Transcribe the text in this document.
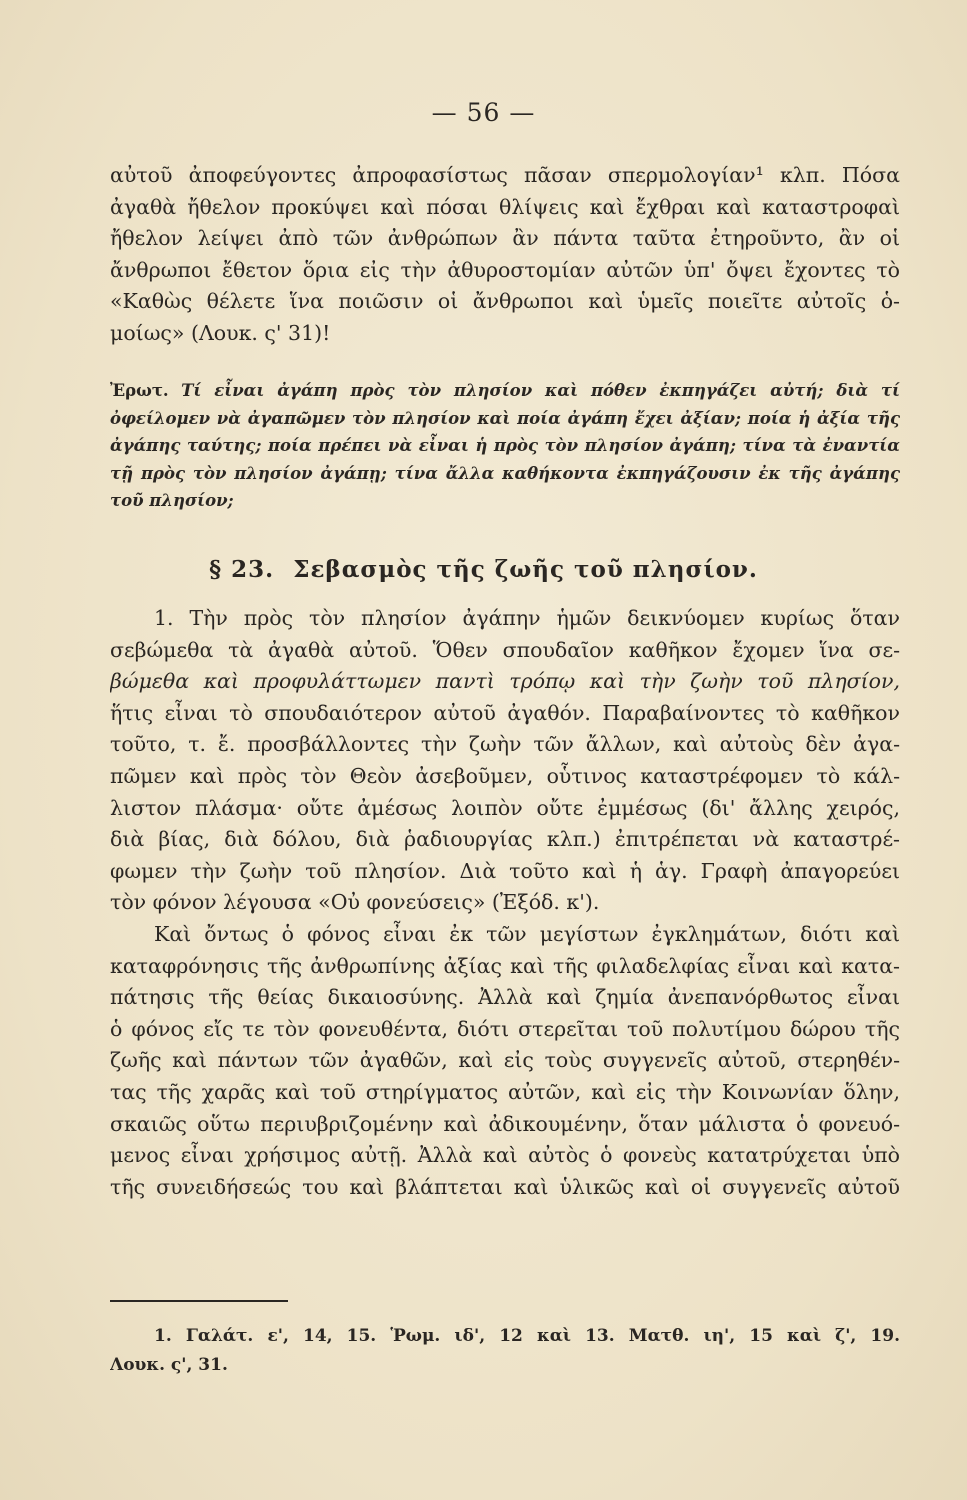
— 56 —
αὐτοῦ ἀποφεύγοντες ἀπροφασίστως πᾶσαν σπερμολογίαν¹ κλπ. Πόσα
ἀγαθὰ ἤθελον προκύψει καὶ πόσαι θλίψεις καὶ ἔχθραι καὶ καταστροφαὶ
ἤθελον λείψει ἀπὸ τῶν ἀνθρώπων ἂν πάντα ταῦτα ἐτηροῦντο, ἂν οἱ
ἄνθρωποι ἔθετον ὅρια εἰς τὴν ἀθυροστομίαν αὐτῶν ὑπ' ὄψει ἔχοντες τὸ
«Καθὼς θέλετε ἵνα ποιῶσιν οἱ ἄνθρωποι καὶ ὑμεῖς ποιεῖτε αὐτοῖς ὁ-
μοίως» (Λουκ. ς' 31)!
Ἐρωτ. Τί εἶναι ἀγάπη πρὸς τὸν πλησίον καὶ πόθεν ἐκπηγάζει αὐτή; διὰ τί
ὀφείλομεν νὰ ἀγαπῶμεν τὸν πλησίον καὶ ποία ἀγάπη ἔχει ἀξίαν; ποία ἡ ἀξία τῆς
ἀγάπης ταύτης; ποία πρέπει νὰ εἶναι ἡ πρὸς τὸν πλησίον ἀγάπη; τίνα τὰ ἐναντία
τῇ πρὸς τὸν πλησίον ἀγάπῃ; τίνα ἄλλα καθήκοντα ἐκπηγάζουσιν ἐκ τῆς ἀγάπης
τοῦ πλησίον;
§ 23. Σεβασμὸς τῆς ζωῆς τοῦ πλησίον.
1. Τὴν πρὸς τὸν πλησίον ἀγάπην ἡμῶν δεικνύομεν κυρίως ὅταν
σεβώμεθα τὰ ἀγαθὰ αὐτοῦ. Ὅθεν σπουδαῖον καθῆκον ἔχομεν ἵνα σε-
βώμεθα καὶ προφυλάττωμεν παντὶ τρόπῳ καὶ τὴν ζωὴν τοῦ πλησίον,
ἥτις εἶναι τὸ σπουδαιότερον αὐτοῦ ἀγαθόν. Παραβαίνοντες τὸ καθῆκον
τοῦτο, τ. ἔ. προσβάλλοντες τὴν ζωὴν τῶν ἄλλων, καὶ αὐτοὺς δὲν ἀγα-
πῶμεν καὶ πρὸς τὸν Θεὸν ἀσεβοῦμεν, οὗτινος καταστρέφομεν τὸ κάλ-
λιστον πλάσμα· οὔτε ἀμέσως λοιπὸν οὔτε ἐμμέσως (δι' ἄλλης χειρός,
διὰ βίας, διὰ δόλου, διὰ ῥαδιουργίας κλπ.) ἐπιτρέπεται νὰ καταστρέ-
φωμεν τὴν ζωὴν τοῦ πλησίον. Διὰ τοῦτο καὶ ἡ ἁγ. Γραφὴ ἀπαγορεύει
τὸν φόνον λέγουσα «Οὐ φονεύσεις» (Ἐξόδ. κ').
Καὶ ὄντως ὁ φόνος εἶναι ἐκ τῶν μεγίστων ἐγκλημάτων, διότι καὶ
καταφρόνησις τῆς ἀνθρωπίνης ἀξίας καὶ τῆς φιλαδελφίας εἶναι καὶ κατα-
πάτησις τῆς θείας δικαιοσύνης. Ἀλλὰ καὶ ζημία ἀνεπανόρθωτος εἶναι
ὁ φόνος εἴς τε τὸν φονευθέντα, διότι στερεῖται τοῦ πολυτίμου δώρου τῆς
ζωῆς καὶ πάντων τῶν ἀγαθῶν, καὶ εἰς τοὺς συγγενεῖς αὐτοῦ, στερηθέν-
τας τῆς χαρᾶς καὶ τοῦ στηρίγματος αὐτῶν, καὶ εἰς τὴν Κοινωνίαν ὅλην,
σκαιῶς οὕτω περιυβριζομένην καὶ ἀδικουμένην, ὅταν μάλιστα ὁ φονευό-
μενος εἶναι χρήσιμος αὐτῇ. Ἀλλὰ καὶ αὐτὸς ὁ φονεὺς κατατρύχεται ὑπὸ
τῆς συνειδήσεώς του καὶ βλάπτεται καὶ ὑλικῶς καὶ οἱ συγγενεῖς αὐτοῦ
1. Γαλάτ. ε', 14, 15. Ῥωμ. ιδ', 12 καὶ 13. Ματθ. ιη', 15 καὶ ζ', 19.
Λουκ. ς', 31.
